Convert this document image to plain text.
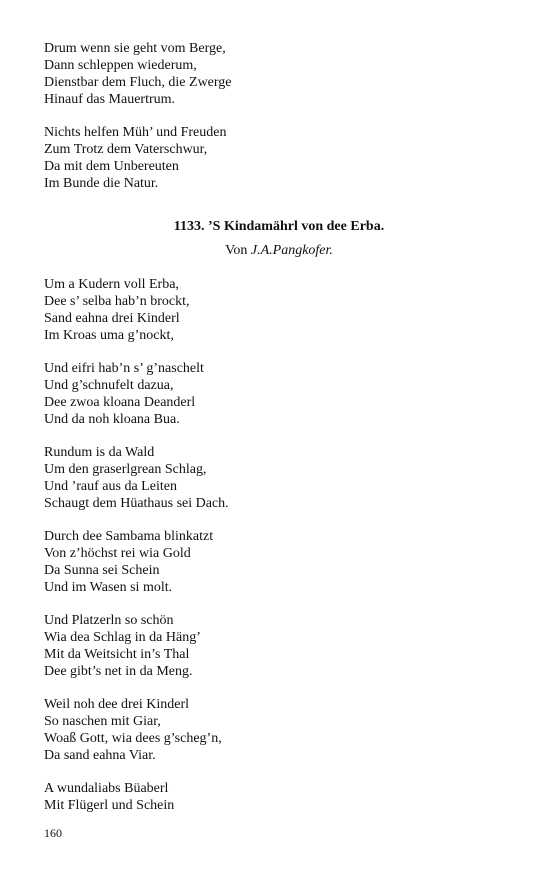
Drum wenn sie geht vom Berge,
Dann schleppen wiederum,
Dienstbar dem Fluch, die Zwerge
Hinauf das Mauertrum.
Nichts helfen Müh’ und Freuden
Zum Trotz dem Vaterschwur,
Da mit dem Unbereuten
Im Bunde die Natur.
1133. ’S Kindamährl von dee Erba.
Von J.A.Pangkofer.
Um a Kudern voll Erba,
Dee s’ selba hab’n brockt,
Sand eahna drei Kinderl
Im Kroas uma g’nockt,
Und eifri hab’n s’ g’naschelt
Und g’schnufelt dazua,
Dee zwoa kloana Deanderl
Und da noh kloana Bua.
Rundum is da Wald
Um den graserlgrean Schlag,
Und ’rauf aus da Leiten
Schaugt dem Hüathaus sei Dach.
Durch dee Sambama blinkatzt
Von z’höchst rei wia Gold
Da Sunna sei Schein
Und im Wasen si molt.
Und Platzerln so schön
Wia dea Schlag in da Häng’
Mit da Weitsicht in’s Thal
Dee gibt’s net in da Meng.
Weil noh dee drei Kinderl
So naschen mit Giar,
Woaß Gott, wia dees g’scheg’n,
Da sand eahna Viar.
A wundaliabs Büaberl
Mit Flügerl und Schein
160
